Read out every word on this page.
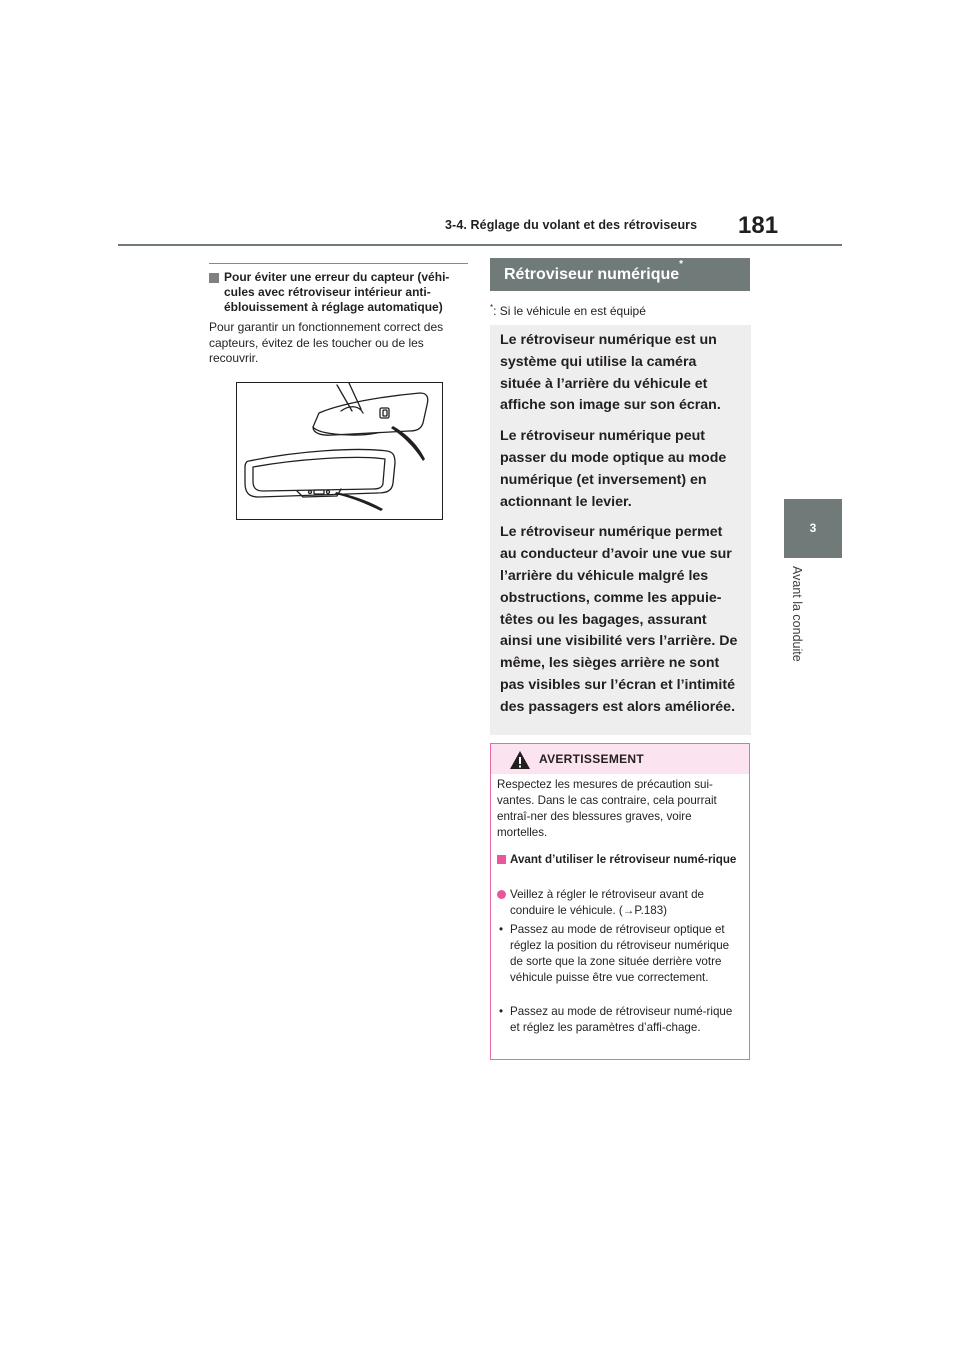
3-4. Réglage du volant et des rétroviseurs 181
3
Avant la conduite
Pour éviter une erreur du capteur (véhi-cules avec rétroviseur intérieur anti-éblouissement à réglage automatique)
Pour garantir un fonctionnement correct des capteurs, évitez de les toucher ou de les recouvrir.
Rétroviseur numérique*
*: Si le véhicule en est équipé

Le rétroviseur numérique est un système qui utilise la caméra située à l’arrière du véhicule et affiche son image sur son écran.

Le rétroviseur numérique peut passer du mode optique au mode numérique (et inversement) en actionnant le levier.

Le rétroviseur numérique permet au conducteur d’avoir une vue sur l’arrière du véhicule malgré les obstructions, comme les appuie-têtes ou les bagages, assurant ainsi une visibilité vers l’arrière. De même, les sièges arrière ne sont pas visibles sur l’écran et l’intimité des passagers est alors améliorée.

AVERTISSEMENT
Respectez les mesures de précaution sui-vantes. Dans le cas contraire, cela pourrait entraî-ner des blessures graves, voire mortelles.
Avant d’utiliser le rétroviseur numé-rique
Veillez à régler le rétroviseur avant de conduire le véhicule. (→P.183)
• Passez au mode de rétroviseur optique et réglez la position du rétroviseur numérique de sorte que la zone située derrière votre véhicule puisse être vue correctement.
• Passez au mode de rétroviseur numé-rique et réglez les paramètres d’affi-chage.
